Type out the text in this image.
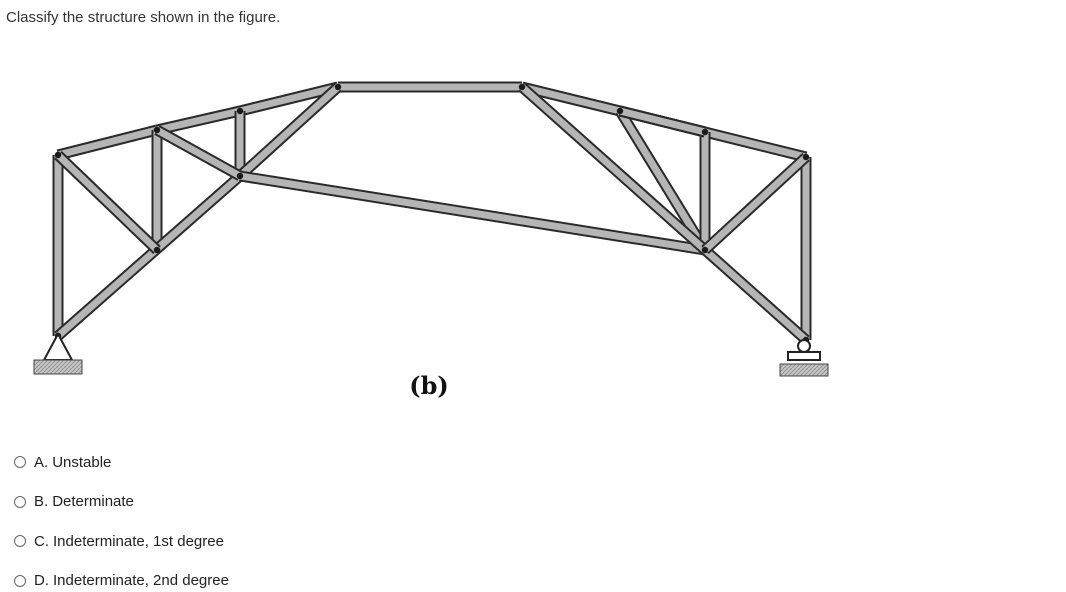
Classify the structure shown in the figure.
(b)
A. Unstable
B. Determinate
C. Indeterminate, 1st degree
D. Indeterminate, 2nd degree
